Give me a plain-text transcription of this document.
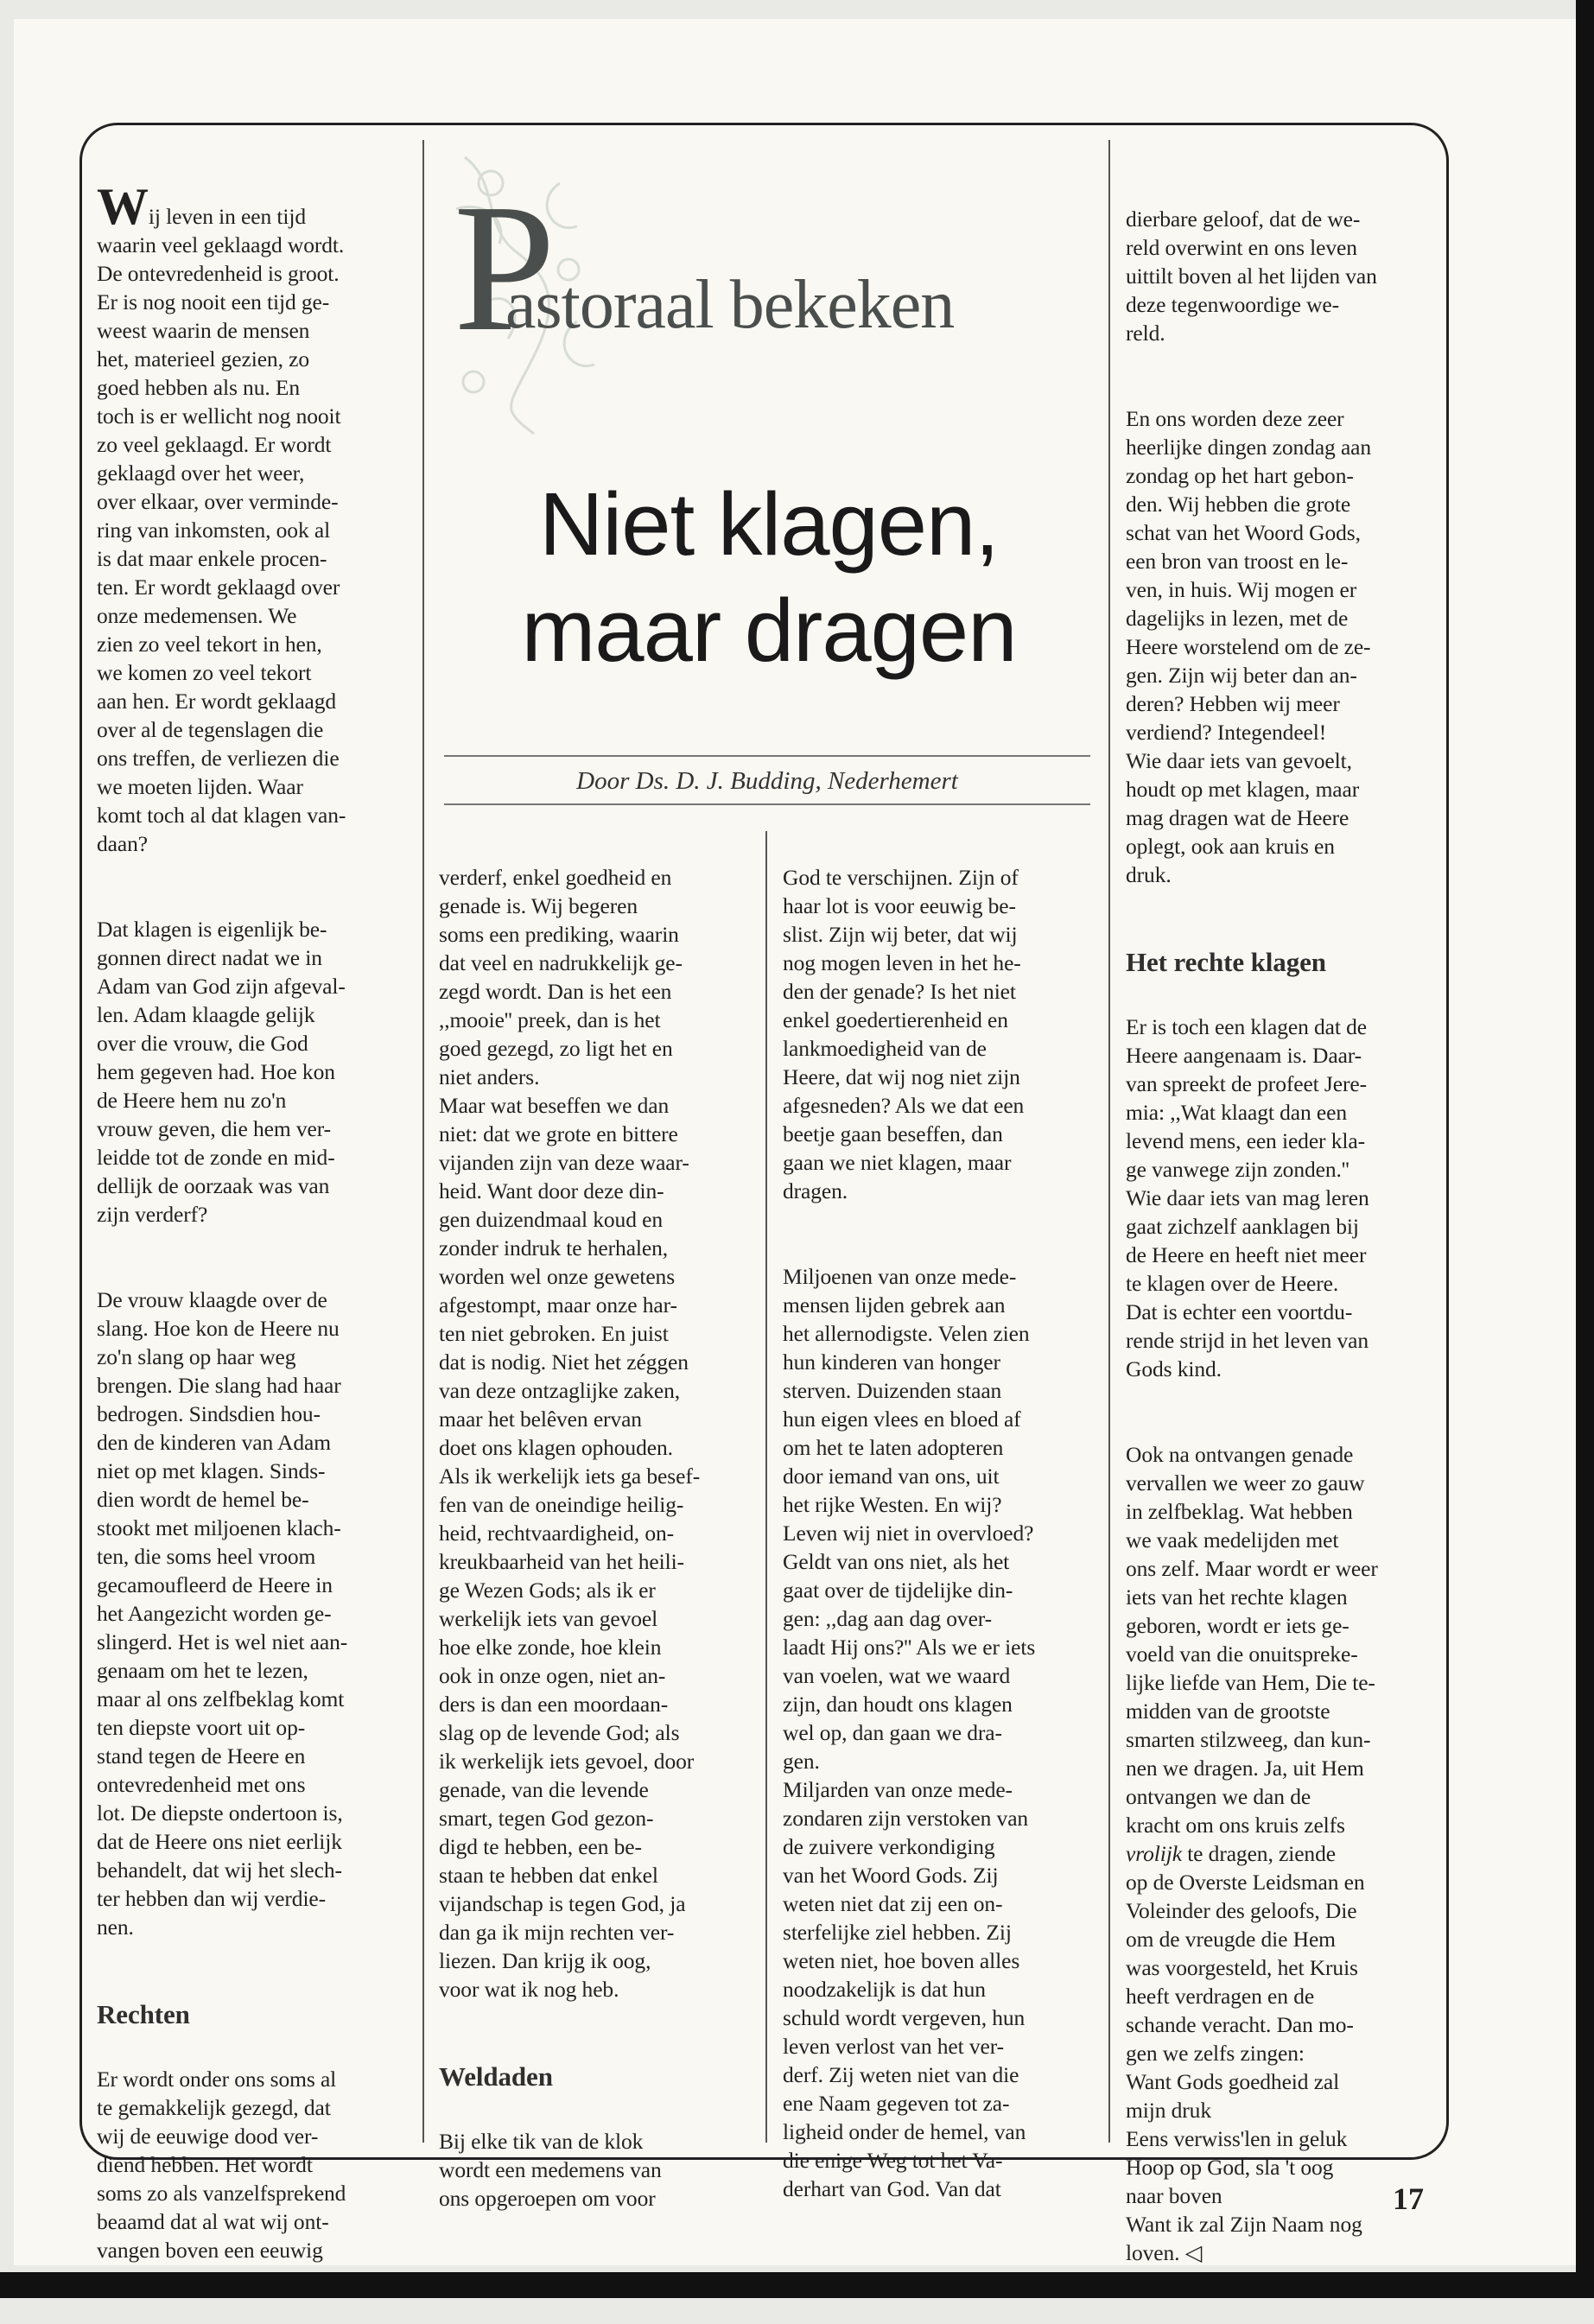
P
astoraal bekeken
Niet klagen,
maar dragen
Door Ds. D. J. Budding, Nederhemert

Wij leven in een tijd
waarin veel geklaagd wordt.
De ontevredenheid is groot.
Er is nog nooit een tijd ge-
weest waarin de mensen
het, materieel gezien, zo
goed hebben als nu. En
toch is er wellicht nog nooit
zo veel geklaagd. Er wordt
geklaagd over het weer,
over elkaar, over verminde-
ring van inkomsten, ook al
is dat maar enkele procen-
ten. Er wordt geklaagd over
onze medemensen. We
zien zo veel tekort in hen,
we komen zo veel tekort
aan hen. Er wordt geklaagd
over al de tegenslagen die
ons treffen, de verliezen die
we moeten lijden. Waar
komt toch al dat klagen van-
daan?

Dat klagen is eigenlijk be-
gonnen direct nadat we in
Adam van God zijn afgeval-
len. Adam klaagde gelijk
over die vrouw, die God
hem gegeven had. Hoe kon
de Heere hem nu zo'n
vrouw geven, die hem ver-
leidde tot de zonde en mid-
dellijk de oorzaak was van
zijn verderf?

De vrouw klaagde over de
slang. Hoe kon de Heere nu
zo'n slang op haar weg
brengen. Die slang had haar
bedrogen. Sindsdien hou-
den de kinderen van Adam
niet op met klagen. Sinds-
dien wordt de hemel be-
stookt met miljoenen klach-
ten, die soms heel vroom
gecamoufleerd de Heere in
het Aangezicht worden ge-
slingerd. Het is wel niet aan-
genaam om het te lezen,
maar al ons zelfbeklag komt
ten diepste voort uit op-
stand tegen de Heere en
ontevredenheid met ons
lot. De diepste ondertoon is,
dat de Heere ons niet eerlijk
behandelt, dat wij het slech-
ter hebben dan wij verdie-
nen.

Rechten

Er wordt onder ons soms al
te gemakkelijk gezegd, dat
wij de eeuwige dood ver-
diend hebben. Het wordt
soms zo als vanzelfsprekend
beaamd dat al wat wij ont-
vangen boven een eeuwig

verderf, enkel goedheid en
genade is. Wij begeren
soms een prediking, waarin
dat veel en nadrukkelijk ge-
zegd wordt. Dan is het een
,,mooie'' preek, dan is het
goed gezegd, zo ligt het en
niet anders.
Maar wat beseffen we dan
niet: dat we grote en bittere
vijanden zijn van deze waar-
heid. Want door deze din-
gen duizendmaal koud en
zonder indruk te herhalen,
worden wel onze gewetens
afgestompt, maar onze har-
ten niet gebroken. En juist
dat is nodig. Niet het zéggen
van deze ontzaglijke zaken,
maar het belêven ervan
doet ons klagen ophouden.
Als ik werkelijk iets ga besef-
fen van de oneindige heilig-
heid, rechtvaardigheid, on-
kreukbaarheid van het heili-
ge Wezen Gods; als ik er
werkelijk iets van gevoel
hoe elke zonde, hoe klein
ook in onze ogen, niet an-
ders is dan een moordaan-
slag op de levende God; als
ik werkelijk iets gevoel, door
genade, van die levende
smart, tegen God gezon-
digd te hebben, een be-
staan te hebben dat enkel
vijandschap is tegen God, ja
dan ga ik mijn rechten ver-
liezen. Dan krijg ik oog,
voor wat ik nog heb.

Weldaden

Bij elke tik van de klok
wordt een medemens van
ons opgeroepen om voor

God te verschijnen. Zijn of
haar lot is voor eeuwig be-
slist. Zijn wij beter, dat wij
nog mogen leven in het he-
den der genade? Is het niet
enkel goedertierenheid en
lankmoedigheid van de
Heere, dat wij nog niet zijn
afgesneden? Als we dat een
beetje gaan beseffen, dan
gaan we niet klagen, maar
dragen.

Miljoenen van onze mede-
mensen lijden gebrek aan
het allernodigste. Velen zien
hun kinderen van honger
sterven. Duizenden staan
hun eigen vlees en bloed af
om het te laten adopteren
door iemand van ons, uit
het rijke Westen. En wij?
Leven wij niet in overvloed?
Geldt van ons niet, als het
gaat over de tijdelijke din-
gen: ,,dag aan dag over-
laadt Hij ons?'' Als we er iets
van voelen, wat we waard
zijn, dan houdt ons klagen
wel op, dan gaan we dra-
gen.
Miljarden van onze mede-
zondaren zijn verstoken van
de zuivere verkondiging
van het Woord Gods. Zij
weten niet dat zij een on-
sterfelijke ziel hebben. Zij
weten niet, hoe boven alles
noodzakelijk is dat hun
schuld wordt vergeven, hun
leven verlost van het ver-
derf. Zij weten niet van die
ene Naam gegeven tot za-
ligheid onder de hemel, van
die enige Weg tot het Va-
derhart van God. Van dat

dierbare geloof, dat de we-
reld overwint en ons leven
uittilt boven al het lijden van
deze tegenwoordige we-
reld.

En ons worden deze zeer
heerlijke dingen zondag aan
zondag op het hart gebon-
den. Wij hebben die grote
schat van het Woord Gods,
een bron van troost en le-
ven, in huis. Wij mogen er
dagelijks in lezen, met de
Heere worstelend om de ze-
gen. Zijn wij beter dan an-
deren? Hebben wij meer
verdiend? Integendeel!
Wie daar iets van gevoelt,
houdt op met klagen, maar
mag dragen wat de Heere
oplegt, ook aan kruis en
druk.

Het rechte klagen

Er is toch een klagen dat de
Heere aangenaam is. Daar-
van spreekt de profeet Jere-
mia: ,,Wat klaagt dan een
levend mens, een ieder kla-
ge vanwege zijn zonden.''
Wie daar iets van mag leren
gaat zichzelf aanklagen bij
de Heere en heeft niet meer
te klagen over de Heere.
Dat is echter een voortdu-
rende strijd in het leven van
Gods kind.

Ook na ontvangen genade
vervallen we weer zo gauw
in zelfbeklag. Wat hebben
we vaak medelijden met
ons zelf. Maar wordt er weer
iets van het rechte klagen
geboren, wordt er iets ge-
voeld van die onuitspreke-
lijke liefde van Hem, Die te-
midden van de grootste
smarten stilzweeg, dan kun-
nen we dragen. Ja, uit Hem
ontvangen we dan de
kracht om ons kruis zelfs
vrolijk te dragen, ziende
op de Overste Leidsman en
Voleinder des geloofs, Die
om de vreugde die Hem
was voorgesteld, het Kruis
heeft verdragen en de
schande veracht. Dan mo-
gen we zelfs zingen:
Want Gods goedheid zal
mijn druk
Eens verwiss'len in geluk
Hoop op God, sla 't oog
naar boven
Want ik zal Zijn Naam nog
loven. ◁

17
